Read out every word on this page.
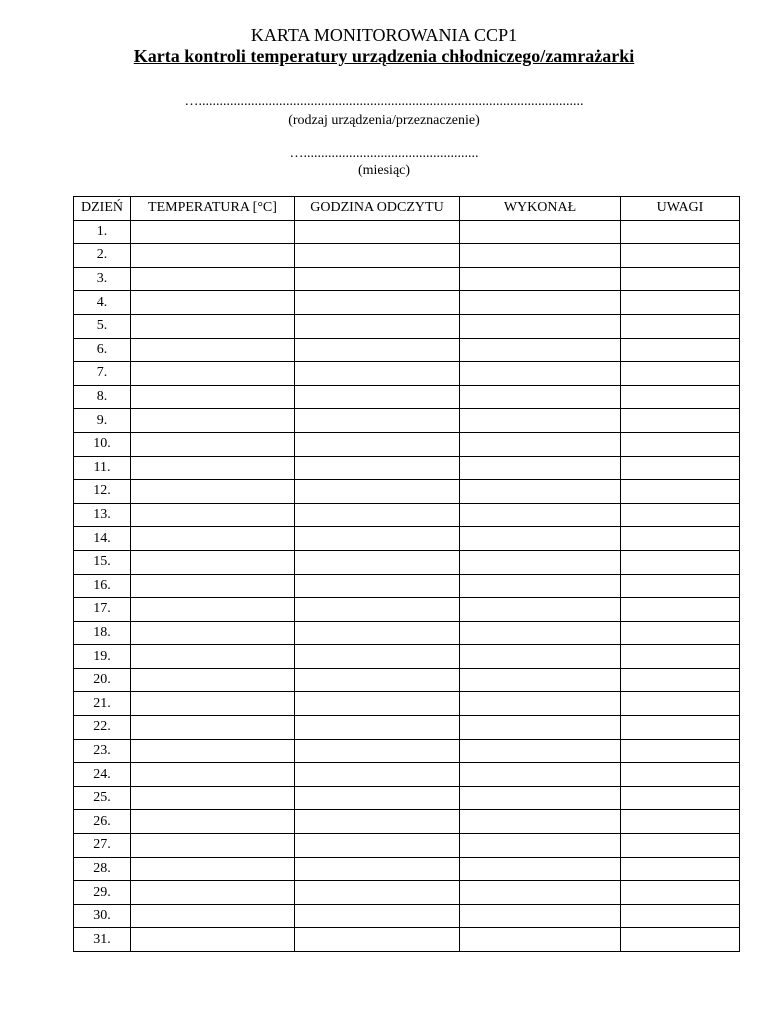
KARTA MONITOROWANIA CCP1
Karta kontroli temperatury urządzenia chłodniczego/zamrażarki
…..............................................................................................................
(rodzaj urządzenia/przeznaczenie)
…..................................................
(miesiąc)
DZIEŃ	TEMPERATURA [°C]	GODZINA ODCZYTU	WYKONAŁ	UWAGI
1.				
2.				
3.				
4.				
5.				
6.				
7.				
8.				
9.				
10.				
11.				
12.				
13.				
14.				
15.				
16.				
17.				
18.				
19.				
20.				
21.				
22.				
23.				
24.				
25.				
26.				
27.				
28.				
29.				
30.				
31.				
